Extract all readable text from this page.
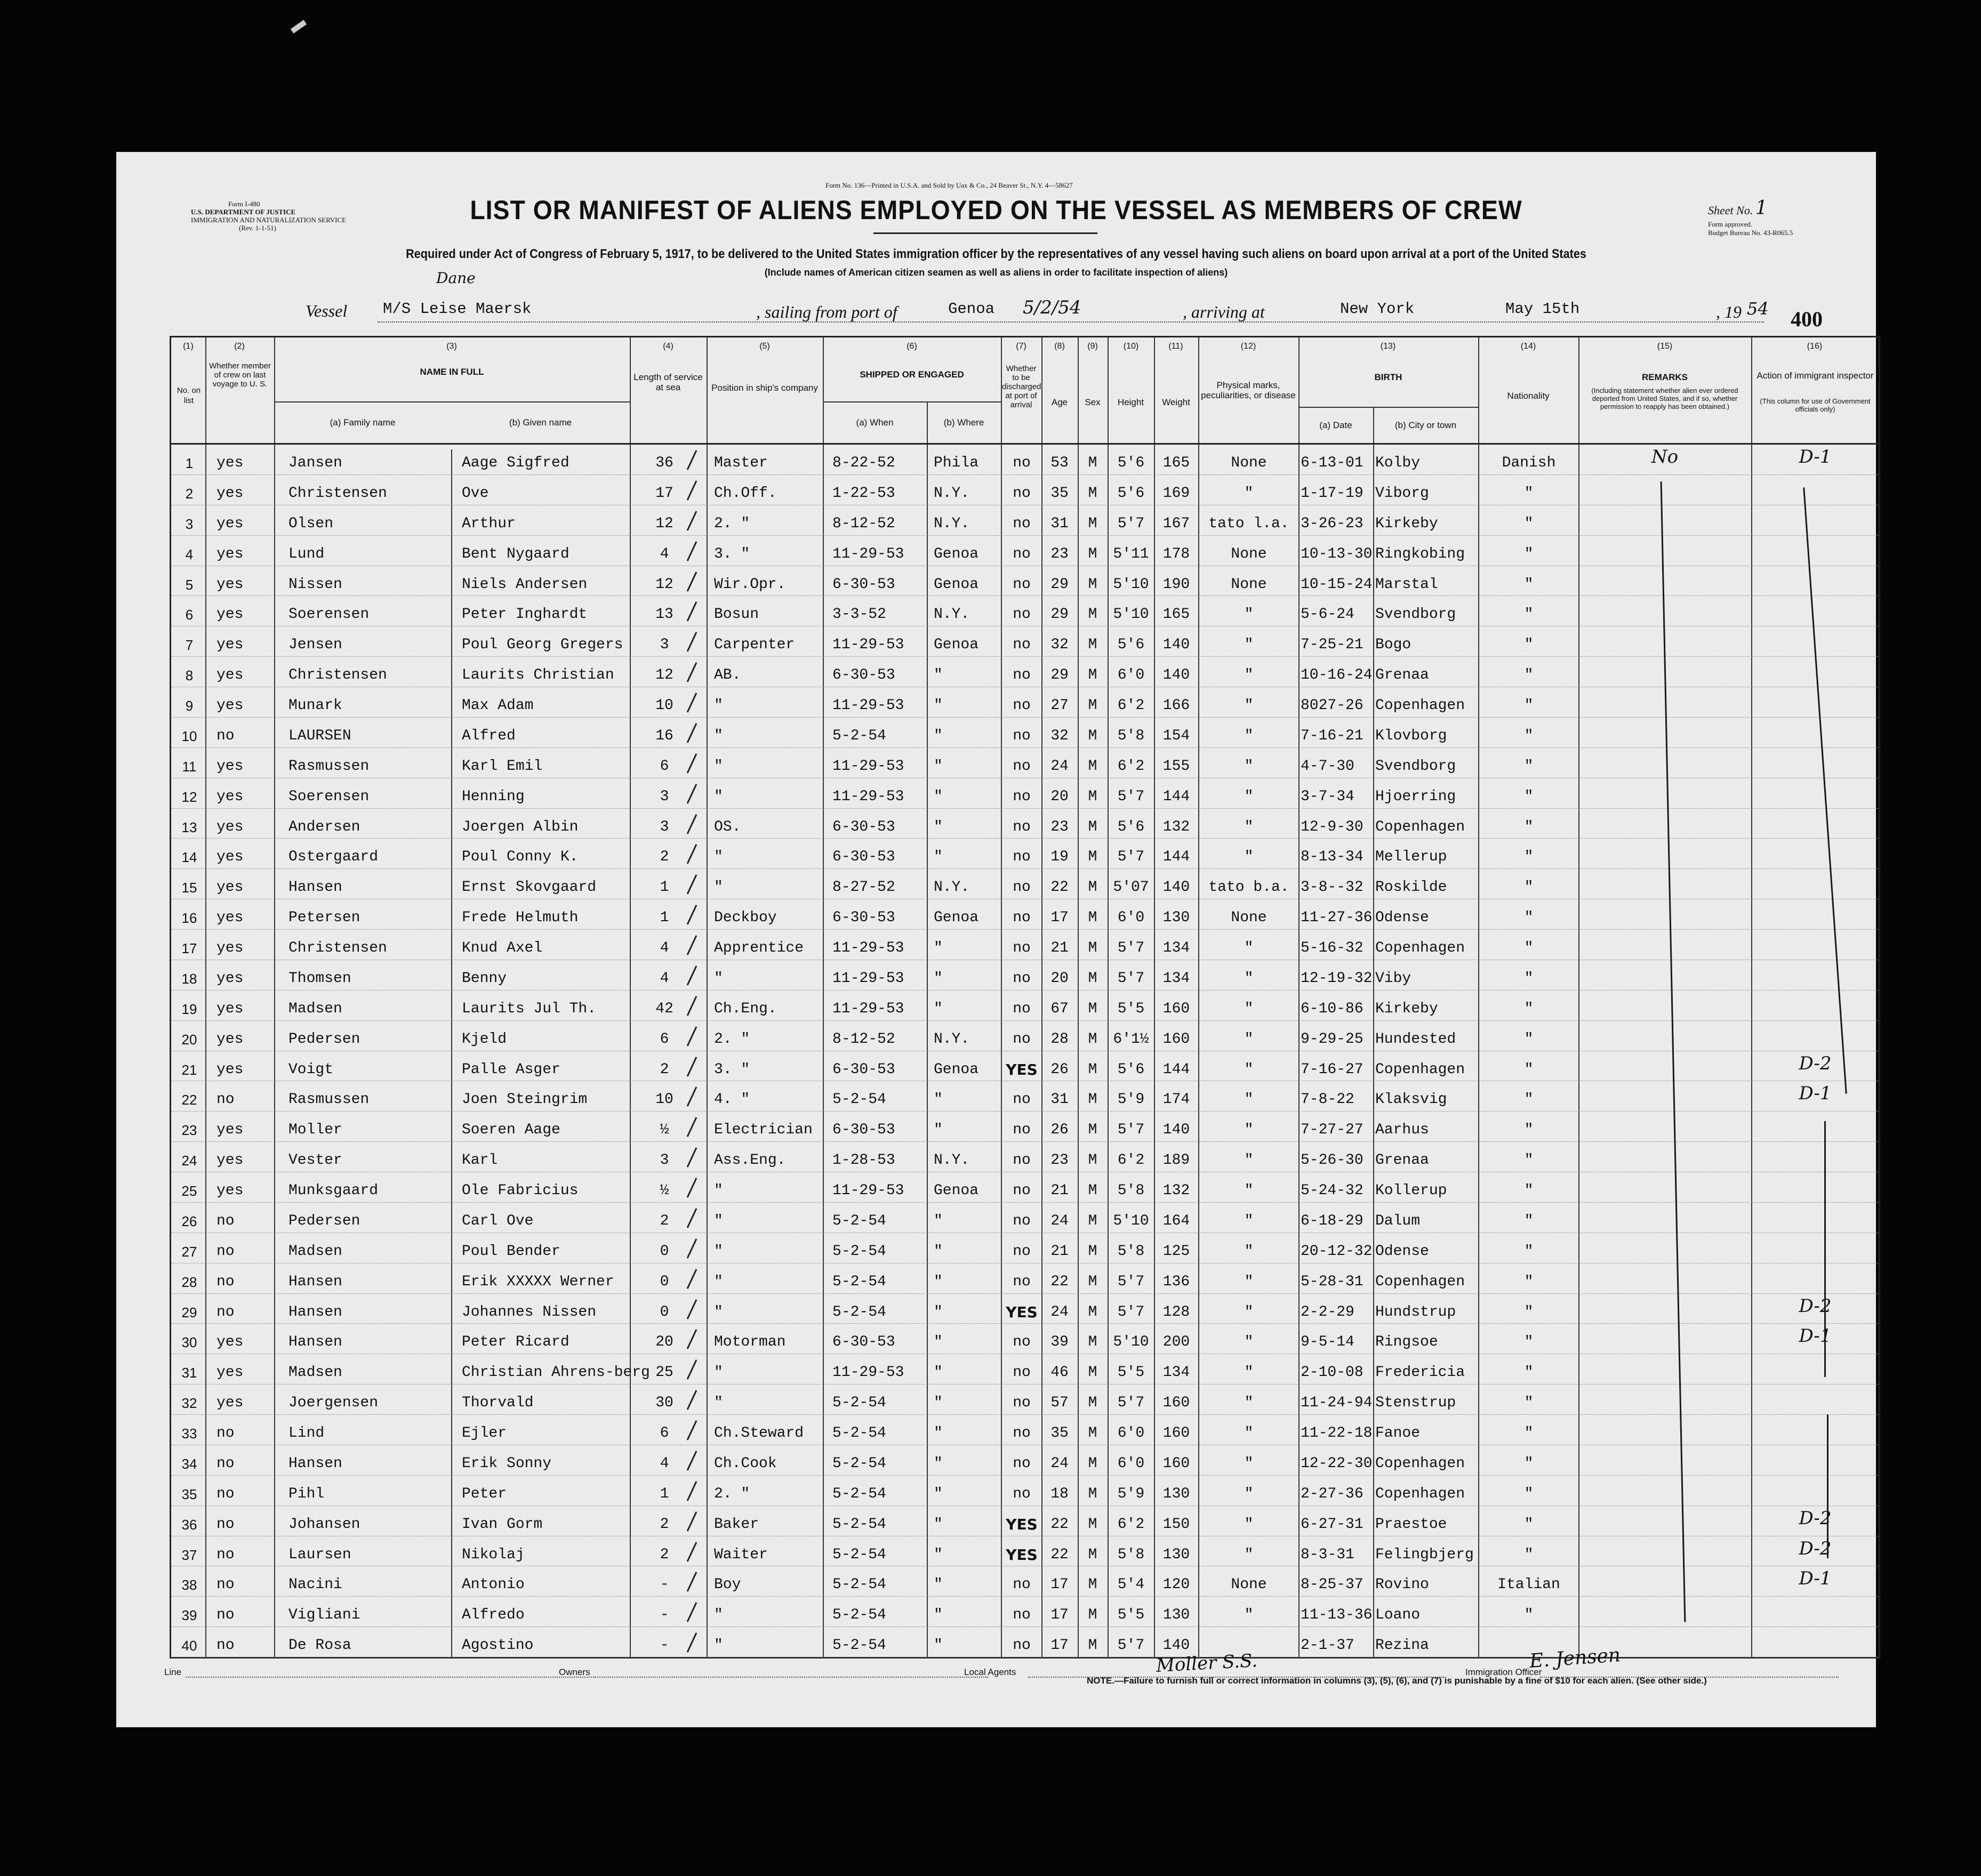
Form I-480
U.S. DEPARTMENT OF JUSTICE
IMMIGRATION AND NATURALIZATION SERVICE
(Rev. 1-1-51)
Form No. 136—Printed in U.S.A. and Sold by Uax & Co., 24 Beaver St., N.Y. 4—58627
LIST OR MANIFEST OF ALIENS EMPLOYED ON THE VESSEL AS MEMBERS OF CREW
Required under Act of Congress of February 5, 1917, to be delivered to the United States immigration officer by the representatives of any vessel having such aliens on board upon arrival at a port of the United States
(Include names of American citizen seamen as well as aliens in order to facilitate inspection of aliens)
Sheet No. 1
Form approved.
Budget Bureau No. 43-R065.5
Dane
Vessel M/S Leise Maersk	, sailing from port of	Genoa 5/2/54	, arriving at	New York	May 15th	, 19 54 400
(1)	(2)	(3)	(4)	(5)	(6)	(7)	(8)	(9)	(10)	(11)	(12)	(13)	(14)	(15)	(16)
No. on list
Whether member of crew on last voyage to U. S.
NAME IN FULL
(a) Family name	(b) Given name
Length of service at sea	Position in ship's company
SHIPPED OR ENGAGED
(a) When	(b) Where
Whether to be discharged at port of arrival	Age	Sex	Height	Weight
Physical marks, peculiarities, or disease
BIRTH
(a) Date	(b) City or town
Nationality
REMARKS
(Including statement whether alien ever ordered deported from United States, and if so, whether permission to reapply has been obtained.)
Action of immigrant inspector
(This column for use of Government officials only)
1	yes	Jansen	Aage Sigfred	36	Master	8-22-52	Phila	no	53	M	5'6	165	None	6-13-01 Kolby	Danish	No	D-1
2	yes	Christensen	Ove	17	Ch.Off.	1-22-53	N.Y.	no	35	M	5'6	169	"	1-17-19 Viborg	"
3	yes	Olsen	Arthur	12	2. "	8-12-52	N.Y.	no	31	M	5'7	167	tato l.a. 3-26-23 Kirkeby	"
4	yes	Lund	Bent Nygaard	4	3. "	11-29-53	Genoa	no	23	M	5'11 178	None	10-13-30 Ringkobing	"
5	yes	Nissen	Niels Andersen	12	Wir.Opr.	6-30-53	Genoa	no	29	M	5'10 190	None	10-15-24 Marstal	"
6	yes	Soerensen	Peter Inghardt	13	Bosun	3-3-52	N.Y.	no	29	M	5'10 165	"	5-6-24	Svendborg	"
7	yes	Jensen	Poul Georg Gregers	3	Carpenter	11-29-53	Genoa	no	32	M	5'6	140	"	7-25-21 Bogo	"
8	yes	Christensen	Laurits Christian	12	AB.	6-30-53	"	no	29	M	6'0	140	"	10-16-24 Grenaa	"
9	yes	Munark	Max Adam	10	"	11-29-53	"	no	27	M	6'2	166	"	8027-26 Copenhagen	"
10	no	LAURSEN	Alfred	16	"	5-2-54	"	no	32	M	5'8	154	"	7-16-21 Klovborg	"
11	yes	Rasmussen	Karl Emil	6	"	11-29-53	"	no	24	M	6'2	155	"	4-7-30	Svendborg	"
12	yes	Soerensen	Henning	3	"	11-29-53	"	no	20	M	5'7	144	"	3-7-34	Hjoerring	"
13	yes	Andersen	Joergen Albin	3	OS.	6-30-53	"	no	23	M	5'6	132	"	12-9-30 Copenhagen	"
14	yes	Ostergaard	Poul Conny K.	2	"	6-30-53	"	no	19	M	5'7	144	"	8-13-34 Mellerup	"
15	yes	Hansen	Ernst Skovgaard	1	"	8-27-52	N.Y.	no	22	M	5'07 140	tato b.a. 3-8--32 Roskilde	"
16	yes	Petersen	Frede Helmuth	1	Deckboy	6-30-53	Genoa	no	17	M	6'0	130	None	11-27-36 Odense	"
17	yes	Christensen	Knud Axel	4	Apprentice	11-29-53	"	no	21	M	5'7	134	"	5-16-32 Copenhagen	"
18	yes	Thomsen	Benny	4	"	11-29-53	"	no	20	M	5'7	134	"	12-19-32 Viby	"
19	yes	Madsen	Laurits Jul Th.	42	Ch.Eng.	11-29-53	"	no	67	M	5'5	160	"	6-10-86 Kirkeby	"
20	yes	Pedersen	Kjeld	6	2. "	8-12-52	N.Y.	no	28	M	6'1½ 160	"	9-29-25 Hundested	"
21	yes	Voigt	Palle Asger	2	3. "	6-30-53	Genoa	YES 26	M	5'6	144	"	7-16-27 Copenhagen	"	D-2
22	no	Rasmussen	Joen Steingrim	10	4. "	5-2-54	"	no	31	M	5'9	174	"	7-8-22	Klaksvig	"	D-1
23	yes	Moller	Soeren Aage	½	Electrician	6-30-53	"	no	26	M	5'7	140	"	7-27-27 Aarhus	"
24	yes	Vester	Karl	3	Ass.Eng.	1-28-53	N.Y.	no	23	M	6'2	189	"	5-26-30 Grenaa	"
25	yes	Munksgaard	Ole Fabricius	½	"	11-29-53	Genoa	no	21	M	5'8	132	"	5-24-32 Kollerup	"
26	no	Pedersen	Carl Ove	2	"	5-2-54	"	no	24	M	5'10 164	"	6-18-29 Dalum	"
27	no	Madsen	Poul Bender	0	"	5-2-54	"	no	21	M	5'8	125	"	20-12-32 Odense	"
28	no	Hansen	Erik XXXXX Werner	0	"	5-2-54	"	no	22	M	5'7	136	"	5-28-31 Copenhagen	"
29	no	Hansen	Johannes Nissen	0	"	5-2-54	"	YES 24	M	5'7	128	"	2-2-29	Hundstrup	"	D-2
30	yes	Hansen	Peter Ricard	20	Motorman	6-30-53	"	no	39	M	5'10 200	"	9-5-14	Ringsoe	"	D-1
31	yes	Madsen	Christian Ahrens-berg 25	"	11-29-53	"	no	46	M	5'5	134	"	2-10-08 Fredericia	"
32	yes	Joergensen	Thorvald	30	"	5-2-54	"	no	57	M	5'7	160	"	11-24-94 Stenstrup	"
33	no	Lind	Ejler	6	Ch.Steward	5-2-54	"	no	35	M	6'0	160	"	11-22-18 Fanoe	"
34	no	Hansen	Erik Sonny	4	Ch.Cook	5-2-54	"	no	24	M	6'0	160	"	12-22-30 Copenhagen	"
35	no	Pihl	Peter	1	2. "	5-2-54	"	no	18	M	5'9	130	"	2-27-36 Copenhagen	"
36	no	Johansen	Ivan Gorm	2	Baker	5-2-54	"	YES 22	M	6'2	150	"	6-27-31 Praestoe	"	D-2
37	no	Laursen	Nikolaj	2	Waiter	5-2-54	"	YES 22	M	5'8	130	"	8-3-31	Felingbjerg	"	D-2
38	no	Nacini	Antonio	-	Boy	5-2-54	"	no	17	M	5'4	120	None	8-25-37 Rovino	Italian	D-1
39	no	Vigliani	Alfredo	-	"	5-2-54	"	no	17	M	5'5	130	"	11-13-36 Loano	"
40	no	De Rosa	Agostino	-	"	5-2-54	"	no	17	M	5'7	140	2-1-37	Rezina
Line	Owners	Local Agents	Moller S.S.	Immigration Officer
E. Jensen
NOTE.—Failure to furnish full or correct information in columns (3), (5), (6), and (7) is punishable by a fine of $10 for each alien. (See other side.)
